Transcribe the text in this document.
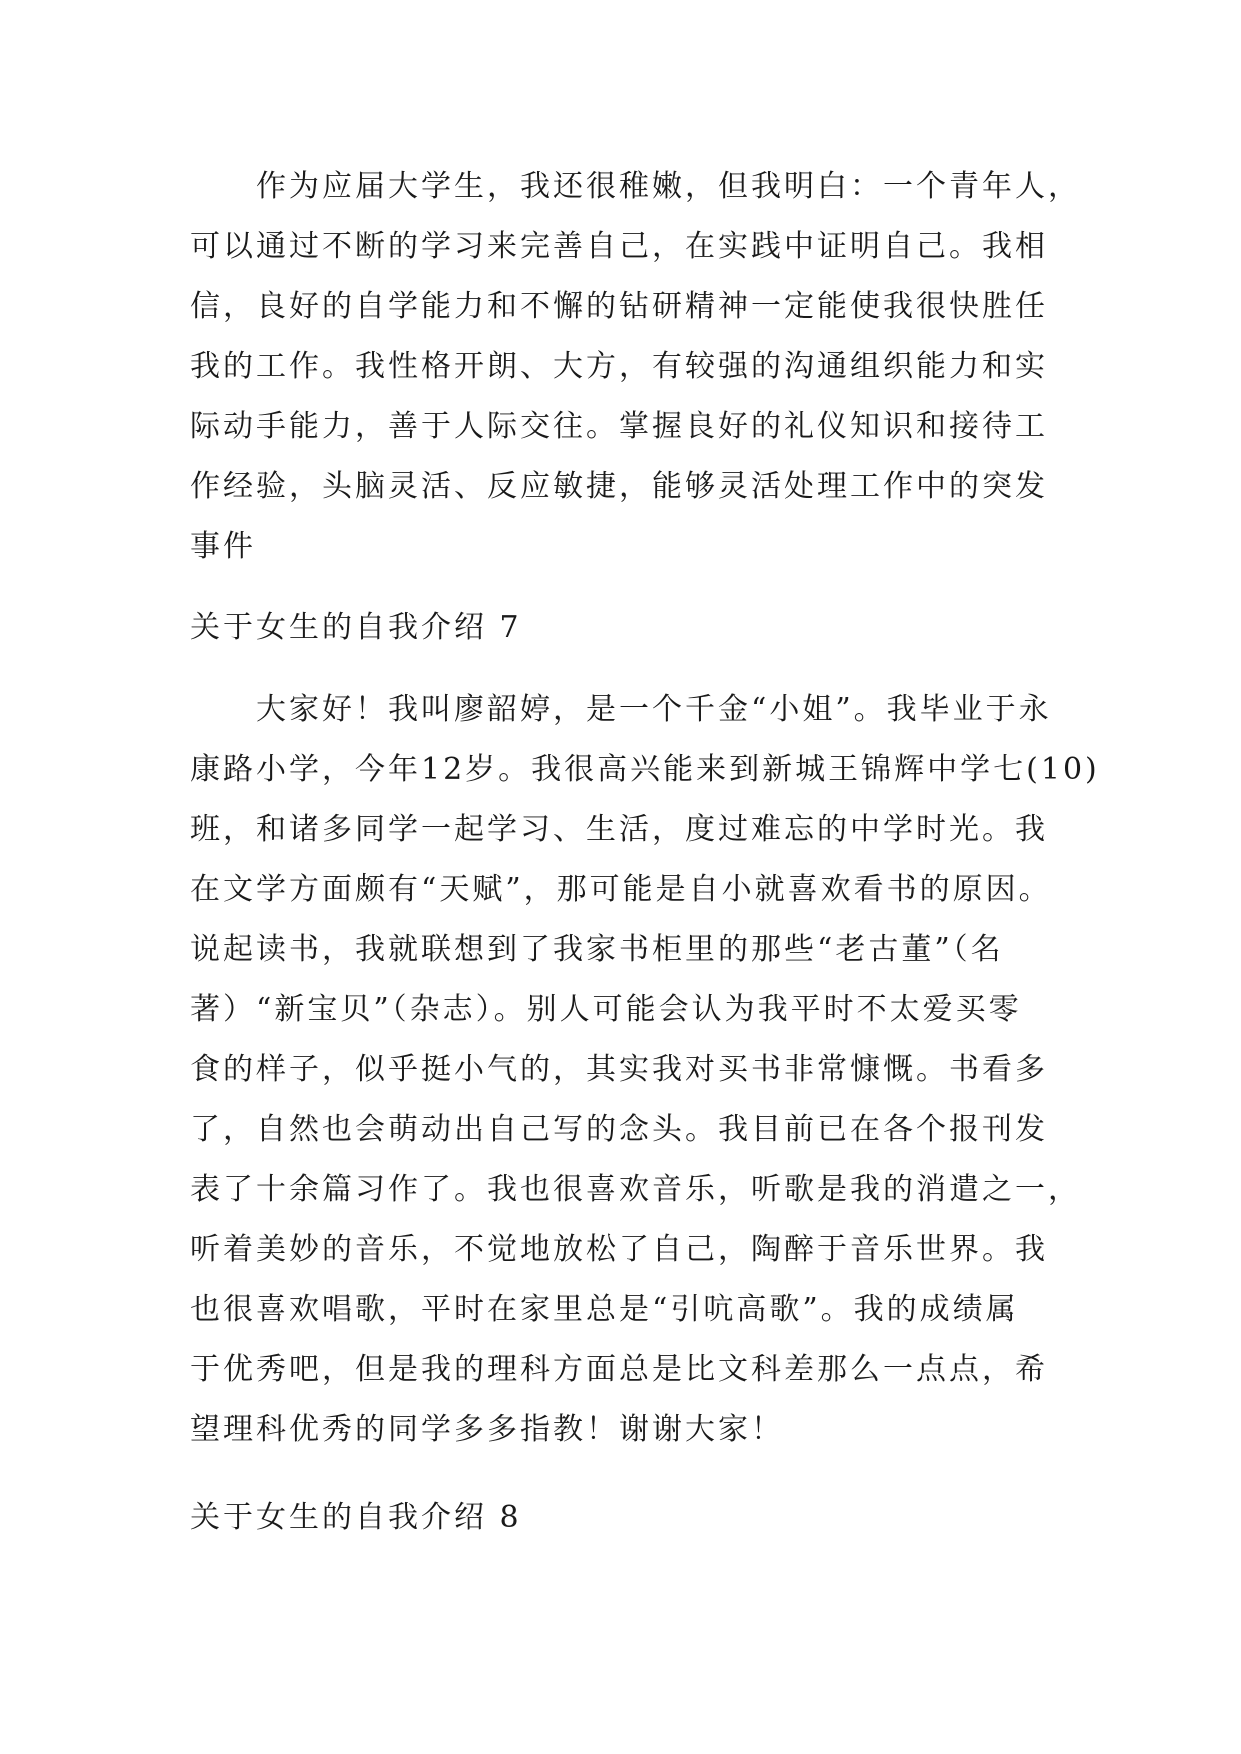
作为应届大学生，我还很稚嫩，但我明白：一个青年人，
可以通过不断的学习来完善自己，在实践中证明自己。我相
信，良好的自学能力和不懈的钻研精神一定能使我很快胜任
我的工作。我性格开朗、大方，有较强的沟通组织能力和实
际动手能力，善于人际交往。掌握良好的礼仪知识和接待工
作经验，头脑灵活、反应敏捷，能够灵活处理工作中的突发
事件
关于女生的自我介绍 7
大家好！我叫廖韶婷，是一个千金“小姐”。我毕业于永
康路小学，今年12岁。我很高兴能来到新城王锦辉中学七(10)
班，和诸多同学一起学习、生活，度过难忘的中学时光。我
在文学方面颇有“天赋”，那可能是自小就喜欢看书的原因。
说起读书，我就联想到了我家书柜里的那些“老古董”（名
著）“新宝贝”（杂志）。别人可能会认为我平时不太爱买零
食的样子，似乎挺小气的，其实我对买书非常慷慨。书看多
了，自然也会萌动出自己写的念头。我目前已在各个报刊发
表了十余篇习作了。我也很喜欢音乐，听歌是我的消遣之一，
听着美妙的音乐，不觉地放松了自己，陶醉于音乐世界。我
也很喜欢唱歌，平时在家里总是“引吭高歌”。我的成绩属
于优秀吧，但是我的理科方面总是比文科差那么一点点，希
望理科优秀的同学多多指教！谢谢大家！
关于女生的自我介绍 8
